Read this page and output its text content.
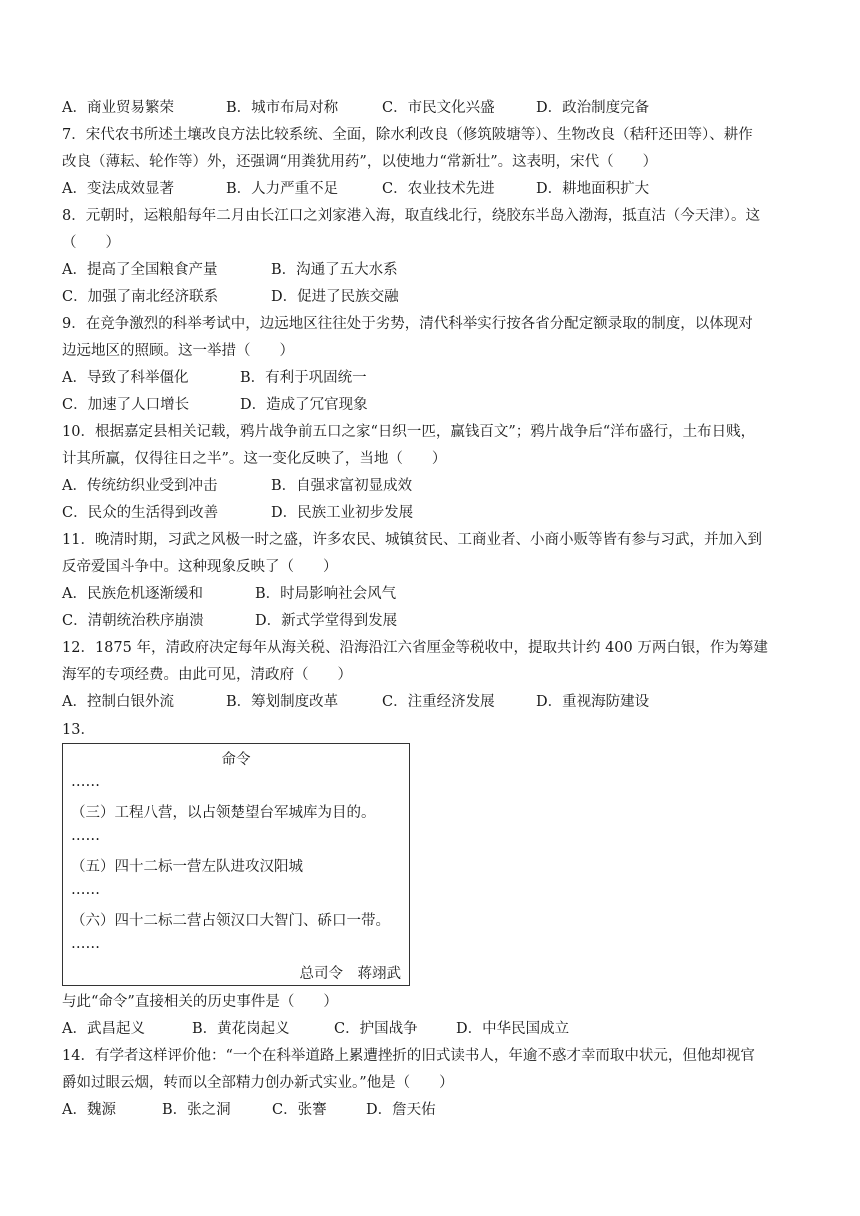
A．商业贸易繁荣	B．城市布局对称	C．市民文化兴盛	D．政治制度完备
7．宋代农书所述土壤改良方法比较系统、全面，除水利改良（修筑陂塘等）、生物改良（秸秆还田等）、耕作
改良（薄耘、轮作等）外，还强调“用粪犹用药”，以使地力“常新壮”。这表明，宋代（　　）
A．变法成效显著	B．人力严重不足	C．农业技术先进	D．耕地面积扩大
8．元朝时，运粮船每年二月由长江口之刘家港入海，取直线北行，绕胶东半岛入渤海，抵直沽（今天津）。这
（　　）
A．提高了全国粮食产量	B．沟通了五大水系
C．加强了南北经济联系	D．促进了民族交融
9．在竞争激烈的科举考试中，边远地区往往处于劣势，清代科举实行按各省分配定额录取的制度，以体现对
边远地区的照顾。这一举措（　　）
A．导致了科举僵化	B．有利于巩固统一
C．加速了人口增长	D．造成了冗官现象
10．根据嘉定县相关记载，鸦片战争前五口之家“日织一匹，赢钱百文”；鸦片战争后“洋布盛行，土布日贱，
计其所赢，仅得往日之半”。这一变化反映了，当地（　　）
A．传统纺织业受到冲击	B．自强求富初显成效
C．民众的生活得到改善	D．民族工业初步发展
11．晚清时期，习武之风极一时之盛，许多农民、城镇贫民、工商业者、小商小贩等皆有参与习武，并加入到
反帝爱国斗争中。这种现象反映了（　　）
A．民族危机逐渐缓和	B．时局影响社会风气
C．清朝统治秩序崩溃	D．新式学堂得到发展
12．1875 年，清政府决定每年从海关税、沿海沿江六省厘金等税收中，提取共计约 400 万两白银，作为筹建
海军的专项经费。由此可见，清政府（　　）
A．控制白银外流	B．筹划制度改革	C．注重经济发展	D．重视海防建设
13．
命令
……
（三）工程八营，以占领楚望台军城库为目的。
……
（五）四十二标一营左队进攻汉阳城
……
（六）四十二标二营占领汉口大智门、硚口一带。
……
总司令　蒋翊武
与此“命令”直接相关的历史事件是（　　）
A．武昌起义	B．黄花岗起义	C．护国战争	D．中华民国成立
14．有学者这样评价他：“一个在科举道路上累遭挫折的旧式读书人，年逾不惑才幸而取中状元，但他却视官
爵如过眼云烟，转而以全部精力创办新式实业。”他是（　　）
A．魏源	B．张之洞	C．张謇	D．詹天佑
